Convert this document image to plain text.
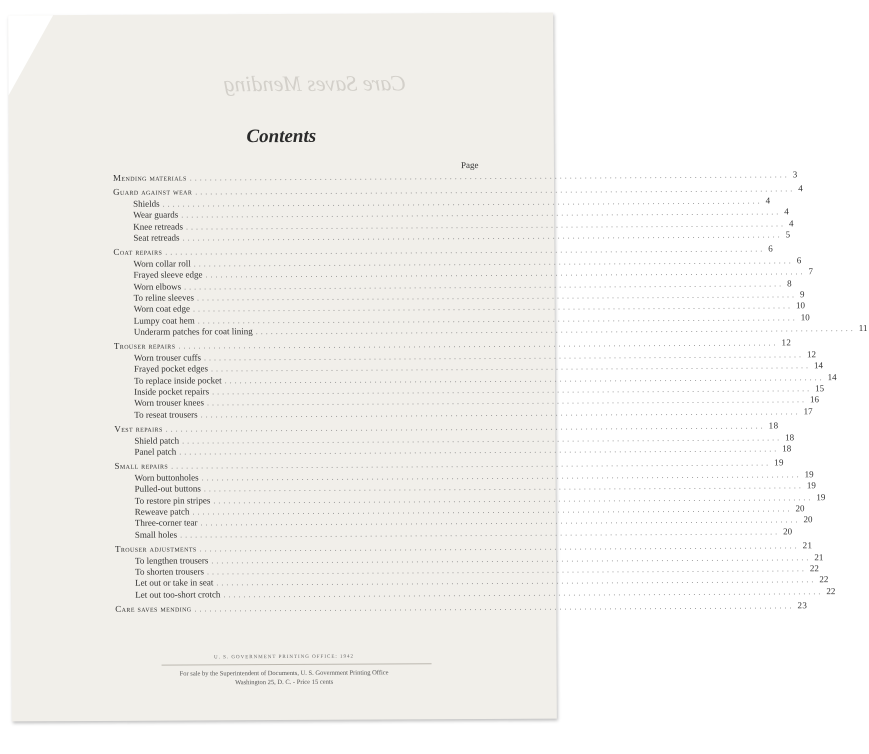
Care Saves Mending
Contents
Page
Mending materials ........................................................................................................................ 3
Guard against wear ........................................................................................................................ 4
Shields ........................................................................................................................ 4
Wear guards ........................................................................................................................ 4
Knee retreads ........................................................................................................................ 4
Seat retreads ........................................................................................................................ 5
Coat repairs ........................................................................................................................ 6
Worn collar roll ........................................................................................................................ 6
Frayed sleeve edge ........................................................................................................................ 7
Worn elbows ........................................................................................................................ 8
To reline sleeves ........................................................................................................................ 9
Worn coat edge ........................................................................................................................ 10
Lumpy coat hem ........................................................................................................................ 10
Underarm patches for coat lining ........................................................................................................................ 11
Trouser repairs ........................................................................................................................ 12
Worn trouser cuffs ........................................................................................................................ 12
Frayed pocket edges ........................................................................................................................ 14
To replace inside pocket ........................................................................................................................ 14
Inside pocket repairs ........................................................................................................................ 15
Worn trouser knees ........................................................................................................................ 16
To reseat trousers ........................................................................................................................ 17
Vest repairs ........................................................................................................................ 18
Shield patch ........................................................................................................................ 18
Panel patch ........................................................................................................................ 18
Small repairs ........................................................................................................................ 19
Worn buttonholes ........................................................................................................................ 19
Pulled-out buttons ........................................................................................................................ 19
To restore pin stripes ........................................................................................................................ 19
Reweave patch ........................................................................................................................ 20
Three-corner tear ........................................................................................................................ 20
Small holes ........................................................................................................................ 20
Trouser adjustments ........................................................................................................................ 21
To lengthen trousers ........................................................................................................................ 21
To shorten trousers ........................................................................................................................ 22
Let out or take in seat ........................................................................................................................ 22
Let out too-short crotch ........................................................................................................................ 22
Care saves mending ........................................................................................................................ 23
U. S. GOVERNMENT PRINTING OFFICE: 1942
For sale by the Superintendent of Documents, U. S. Government Printing Office
Washington 25, D. C. - Price 15 cents
